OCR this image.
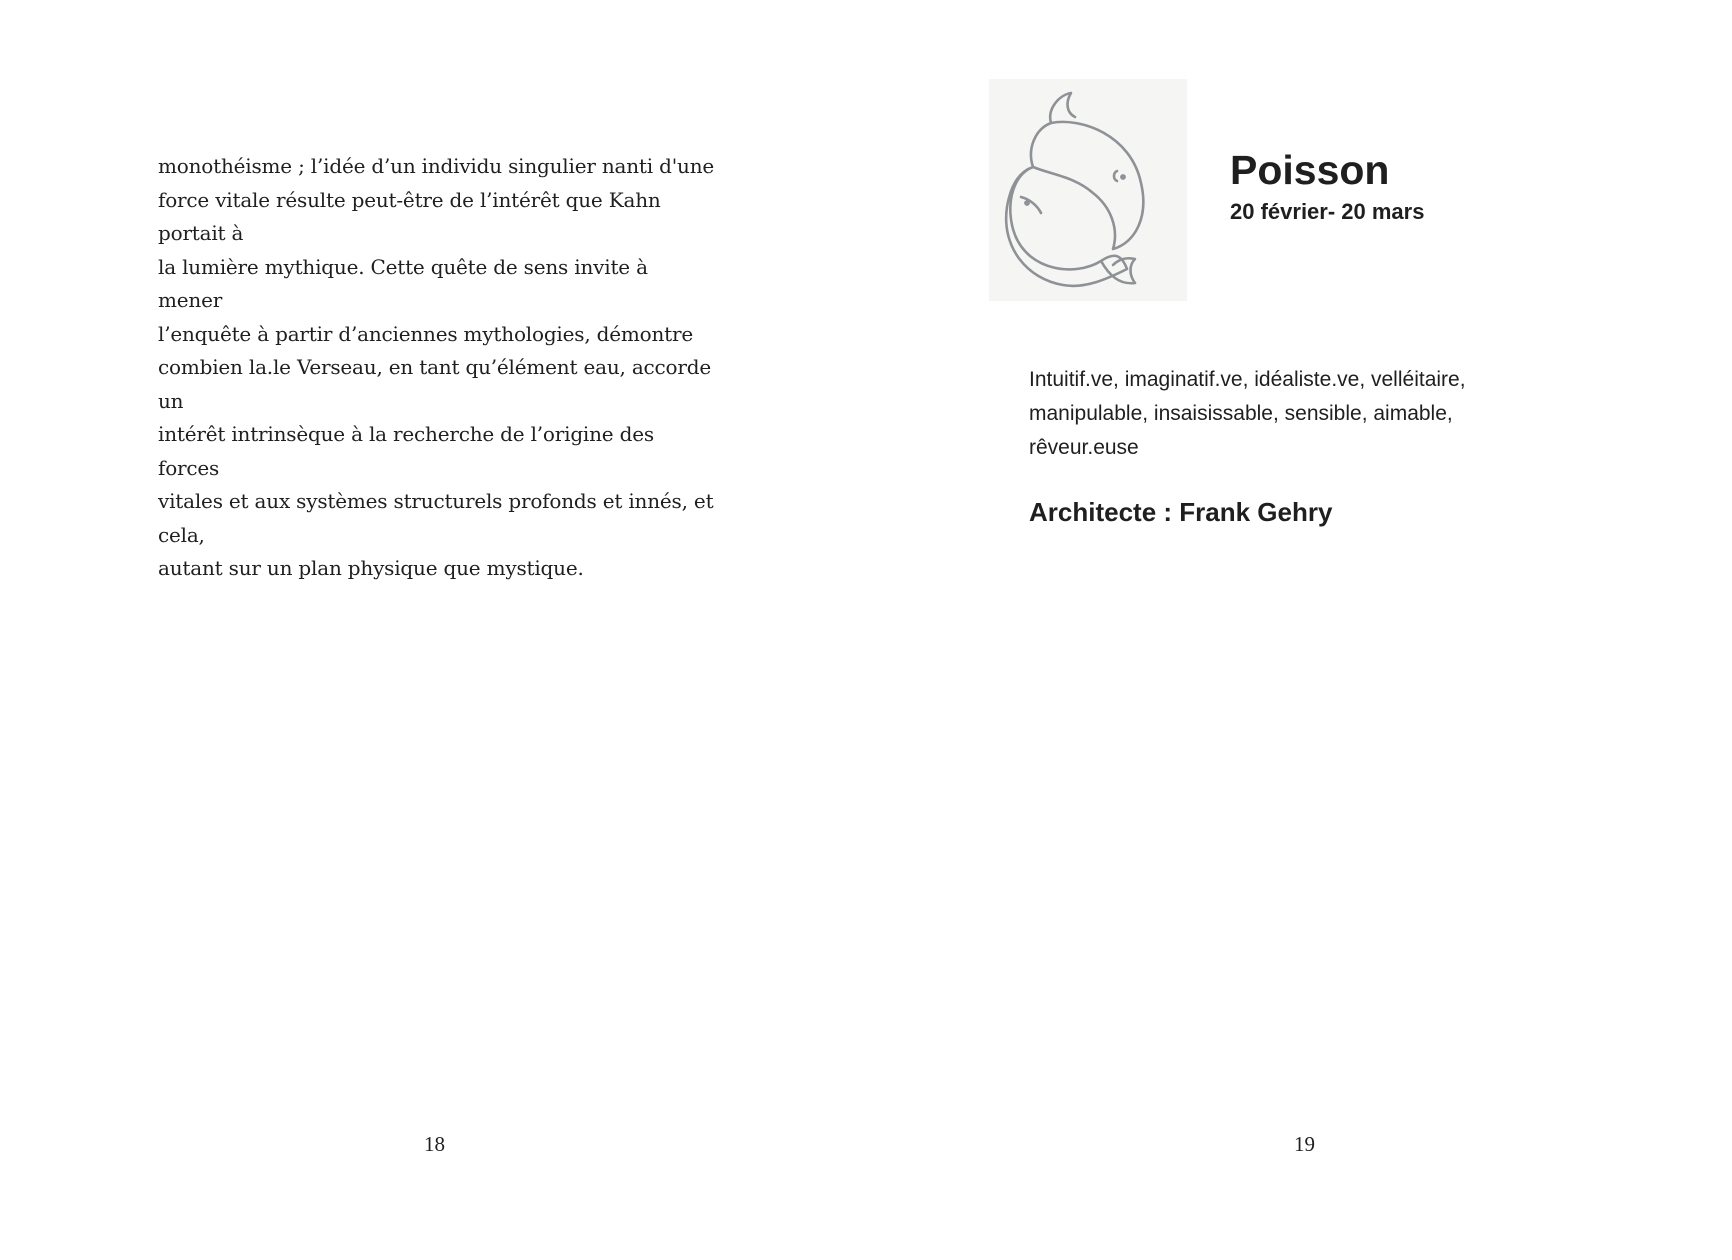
monothéisme ; l’idée d’un individu singulier nanti d'une
force vitale résulte peut-être de l’intérêt que Kahn portait à
la lumière mythique. Cette quête de sens invite à mener
l’enquête à partir d’anciennes mythologies, démontre
combien la.le Verseau, en tant qu’élément eau, accorde un
intérêt intrinsèque à la recherche de l’origine des forces
vitales et aux systèmes structurels profonds et innés, et cela,
autant sur un plan physique que mystique.

18
Poisson

20 février- 20 mars

Intuitif.ve, imaginatif.ve, idéaliste.ve, velléitaire,
manipulable, insaisissable, sensible, aimable,
rêveur.euse

Architecte : Frank Gehry

19
